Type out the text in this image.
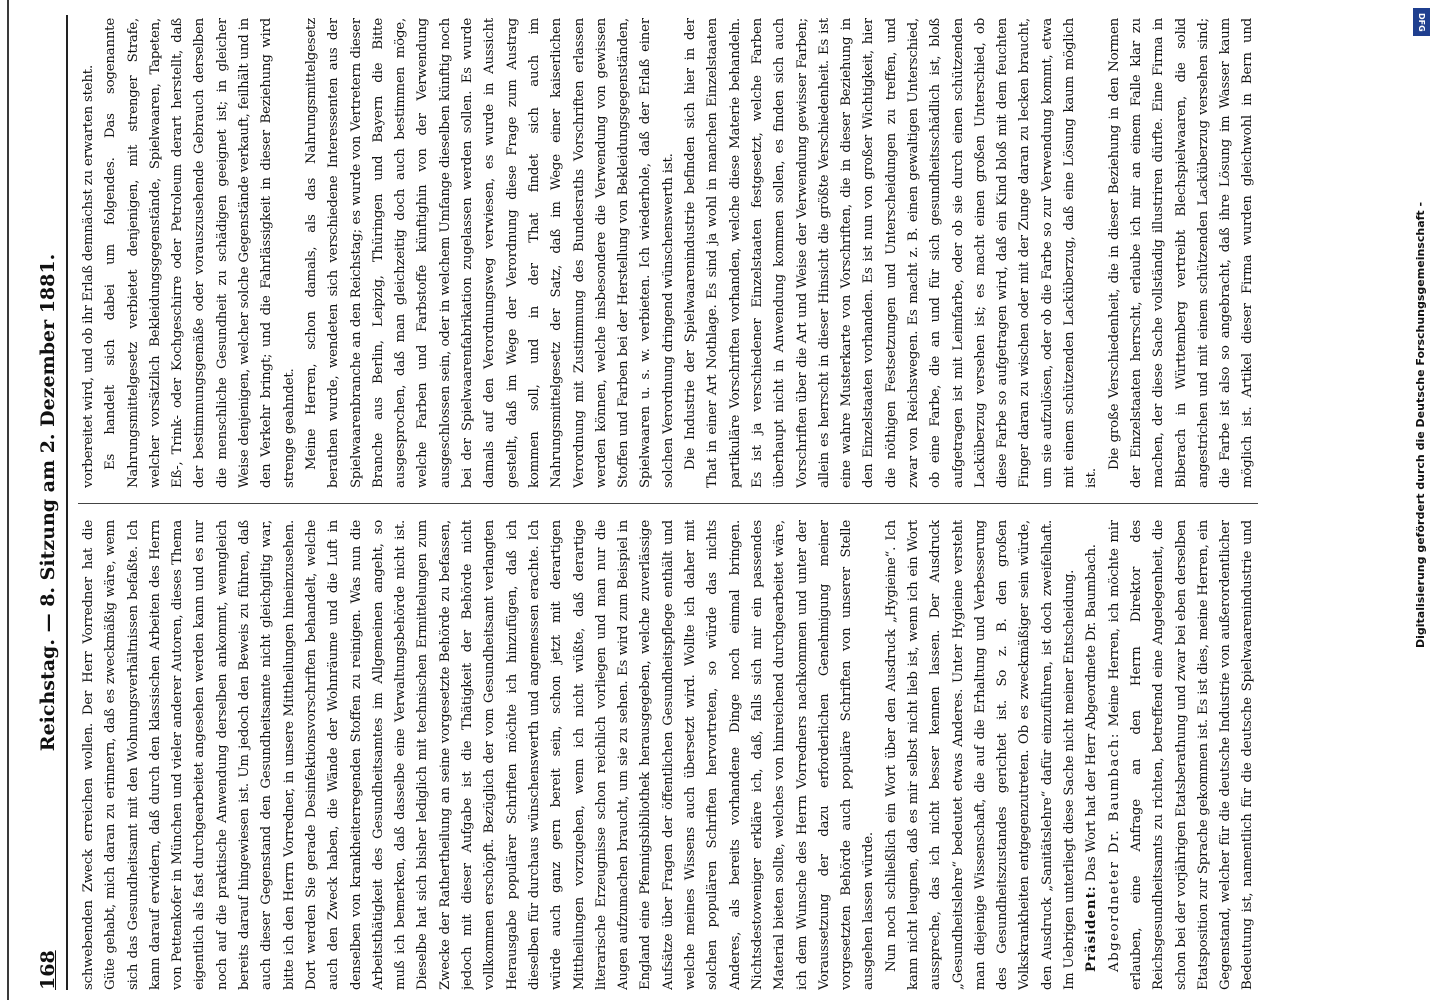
168
Reichstag. — 8. Sitzung am 2. Dezember 1881.

schwebenden Zweck erreichen wollen. Der Herr Vorredner hat die Güte gehabt, mich daran zu erinnern, daß es zweckmäßig wäre, wenn sich das Gesundheitsamt mit den Wohnungsverhältnissen befaßte. Ich kann darauf erwidern, daß durch den klassischen Arbeiten des Herrn von Pettenkofer in München und vieler anderer Autoren, dieses Thema eigentlich als fast durchgearbeitet angesehen werden kann und es nur noch auf die praktische Anwendung derselben ankommt, wenngleich bereits darauf hingewiesen ist. Um jedoch den Beweis zu führen, daß auch dieser Gegenstand den Gesundheitsamte nicht gleichgiltig war, bitte ich den Herrn Vorredner, in unsere Mittheilungen hineinzusehen. Dort werden Sie gerade Desinfektionsvorschriften behandelt, welche auch den Zweck haben, die Wände der Wohnräume und die Luft in denselben von krankheiterregenden Stoffen zu reinigen. Was nun die Arbeitsthätigkeit des Gesundheitsamtes im Allgemeinen angeht, so muß ich bemerken, daß dasselbe eine Verwaltungsbehörde nicht ist. Dieselbe hat sich bisher lediglich mit technischen Ermittelungen zum Zwecke der Rathertheilung an seine vorgesetzte Behörde zu befassen, jedoch mit dieser Aufgabe ist die Thätigkeit der Behörde nicht vollkommen erschöpft. Bezüglich der vom Gesundheitsamt verlangten Herausgabe populärer Schriften möchte ich hinzufügen, daß ich dieselben für durchaus wünschenswerth und angemessen erachte. Ich würde auch ganz gern bereit sein, schon jetzt mit derartigen Mittheilungen vorzugehen, wenn ich nicht wüßte, daß derartige literarische Erzeugnisse schon reichlich vorliegen und man nur die Augen aufzumachen braucht, um sie zu sehen. Es wird zum Beispiel in England eine Pfennigsbibliothek herausgegeben, welche zuverlässige Aufsätze über Fragen der öffentlichen Gesundheitspflege enthält und welche meines Wissens auch übersetzt wird. Wollte ich daher mit solchen populären Schriften hervortreten, so würde das nichts Anderes, als bereits vorhandene Dinge noch einmal bringen. Nichtsdestoweniger erkläre ich, daß, falls sich mir ein passendes Material bieten sollte, welches von hinreichend durchgearbeitet wäre, ich dem Wunsche des Herrn Vorredners nachkommen und unter der Voraussetzung der dazu erforderlichen Genehmigung meiner vorgesetzten Behörde auch populäre Schriften von unserer Stelle ausgehen lassen würde. Nun noch schließlich ein Wort über den Ausdruck „Hygieine“. Ich kann nicht leugnen, daß es mir selbst nicht lieb ist, wenn ich ein Wort ausspreche, das ich nicht besser kennen lassen. Der Ausdruck „Gesundheitslehre“ bedeutet etwas Anderes. Unter Hygieine versteht man diejenige Wissenschaft, die auf die Erhaltung und Verbesserung des Gesundheitszustandes gerichtet ist. So z. B. den großen Volkskrankheiten entgegenzutreten. Ob es zweckmäßiger sein würde, den Ausdruck „Sanitätslehre“ dafür einzuführen, ist doch zweifelhaft. Im Uebrigen unterliegt diese Sache nicht meiner Entscheidung. Präsident: Das Wort hat der Herr Abgeordnete Dr. Baumbach. Abgeordneter Dr. Baumbach: Meine Herren, ich möchte mir erlauben, eine Anfrage an den Herrn Direktor des Reichsgesundheitsamts zu richten, betreffend eine Angelegenheit, die schon bei der vorjährigen Etatsberathung und zwar bei eben derselben Etatsposition zur Sprache gekommen ist. Es ist dies, meine Herren, ein Gegenstand, welcher für die deutsche Industrie von außerordentlicher Bedeutung ist, namentlich für die deutsche Spielwaarenindustrie und

vorbereitet wird, und ob ihr Erlaß demnächst zu erwarten steht. Es handelt sich dabei um folgendes. Das sogenannte Nahrungsmittelgesetz verbietet denjenigen, mit strenger Strafe, welcher vorsätzlich Bekleidungsgegenstände, Spielwaaren, Tapeten, Eß-, Trink- oder Kochgeschirre oder Petroleum derart herstellt, daß der bestimmungsgemäße oder vorauszusehende Gebrauch derselben die menschliche Gesundheit zu schädigen geeignet ist; in gleicher Weise denjenigen, welcher solche Gegenstände verkauft, feilhält und in den Verkehr bringt; und die Fahrlässigkeit in dieser Beziehung wird strenge geahndet. Meine Herren, schon damals, als das Nahrungsmittelgesetz berathen wurde, wendeten sich verschiedene Interessenten aus der Spielwaarenbranche an den Reichstag; es wurde von Vertretern dieser Branche aus Berlin, Leipzig, Thüringen und Bayern die Bitte ausgesprochen, daß man gleichzeitig doch auch bestimmen möge, welche Farben und Farbstoffe künftighin von der Verwendung ausgeschlossen sein, oder in welchem Umfange dieselben künftig noch bei der Spielwaarenfabrikation zugelassen werden sollen. Es wurde damals auf den Verordnungsweg verwiesen, es wurde in Aussicht gestellt, daß im Wege der Verordnung diese Frage zum Austrag kommen soll, und in der That findet sich auch im Nahrungsmittelgesetz der Satz, daß im Wege einer kaiserlichen Verordnung mit Zustimmung des Bundesraths Vorschriften erlassen werden können, welche insbesondere die Verwendung von gewissen Stoffen und Farben bei der Herstellung von Bekleidungsgegenständen, Spielwaaren u. s. w. verbieten. Ich wiederhole, daß der Erlaß einer solchen Verordnung dringend wünschenswerth ist. Die Industrie der Spielwaarenindustrie befinden sich hier in der That in einer Art Nothlage. Es sind ja wohl in manchen Einzelstaaten partikuläre Vorschriften vorhanden, welche diese Materie behandeln. Es ist ja verschiedener Einzelstaaten festgesetzt, welche Farben überhaupt nicht in Anwendung kommen sollen, es finden sich auch Vorschriften über die Art und Weise der Verwendung gewisser Farben; allein es herrscht in dieser Hinsicht die größte Verschiedenheit. Es ist eine wahre Musterkarte von Vorschriften, die in dieser Beziehung in den Einzelstaaten vorhanden. Es ist nun von großer Wichtigkeit, hier die nöthigen Festsetzungen und Unterscheidungen zu treffen, und zwar von Reichswegen. Es macht z. B. einen gewaltigen Unterschied, ob eine Farbe, die an und für sich gesundheitsschädlich ist, bloß aufgetragen ist mit Leimfarbe, oder ob sie durch einen schützenden Lacküberzug versehen ist; es macht einen großen Unterschied, ob diese Farbe so aufgetragen wird, daß ein Kind bloß mit dem feuchten Finger daran zu wischen oder mit der Zunge daran zu lecken braucht, um sie aufzulösen, oder ob die Farbe so zur Verwendung kommt, etwa mit einem schützenden Lacküberzug, daß eine Lösung kaum möglich ist.

Die große Verschiedenheit, die in dieser Beziehung in den Normen der Einzelstaaten herrscht, erlaube ich mir an einem Falle klar zu machen, der diese Sache vollständig illustriren dürfte. Eine Firma in Biberach in Württemberg vertreibt Blechspielwaaren, die solid angestrichen und mit einem schützenden Lacküberzug versehen sind; die Farbe ist also so angebracht, daß ihre Lösung im Wasser kaum möglich ist. Artikel dieser Firma wurden gleichwohl in Bern und

Digitalisierung gefördert durch die Deutsche Forschungsgemeinschaft -
DFG
